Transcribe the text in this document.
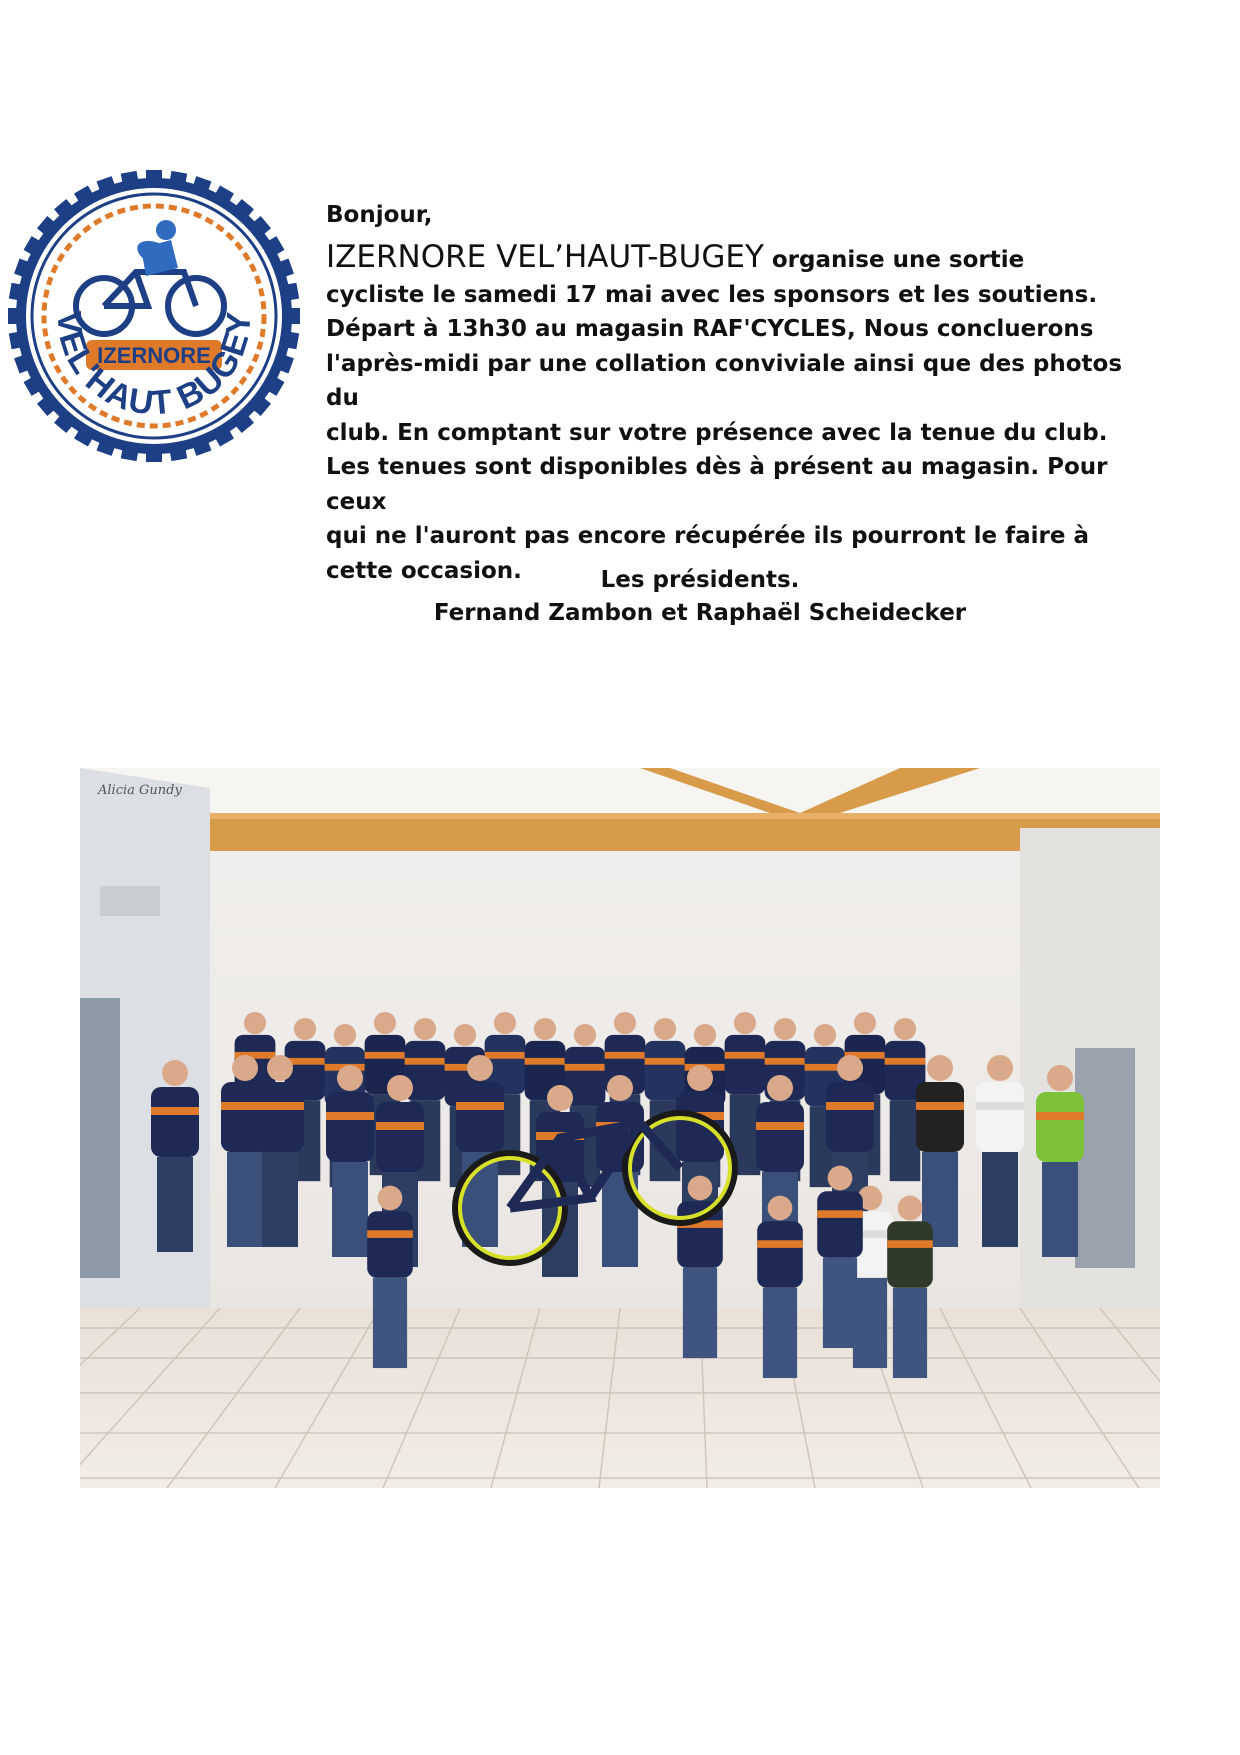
IZERNORE
VEL'HAUT BUGEY

Bonjour,

IZERNORE VEL’HAUT-BUGEY organise une sortie

cycliste le samedi 17 mai avec les sponsors et les soutiens.

Départ à 13h30 au magasin RAF'CYCLES, Nous concluerons

l'après-midi par une collation conviviale ainsi que des photos du

club. En comptant sur votre présence avec la tenue du club.

Les tenues sont disponibles dès à présent au magasin. Pour ceux

qui ne l'auront pas encore récupérée ils pourront le faire à

cette occasion.	Les présidents.
Fernand Zambon et Raphaël Scheidecker
Alicia Gundy
